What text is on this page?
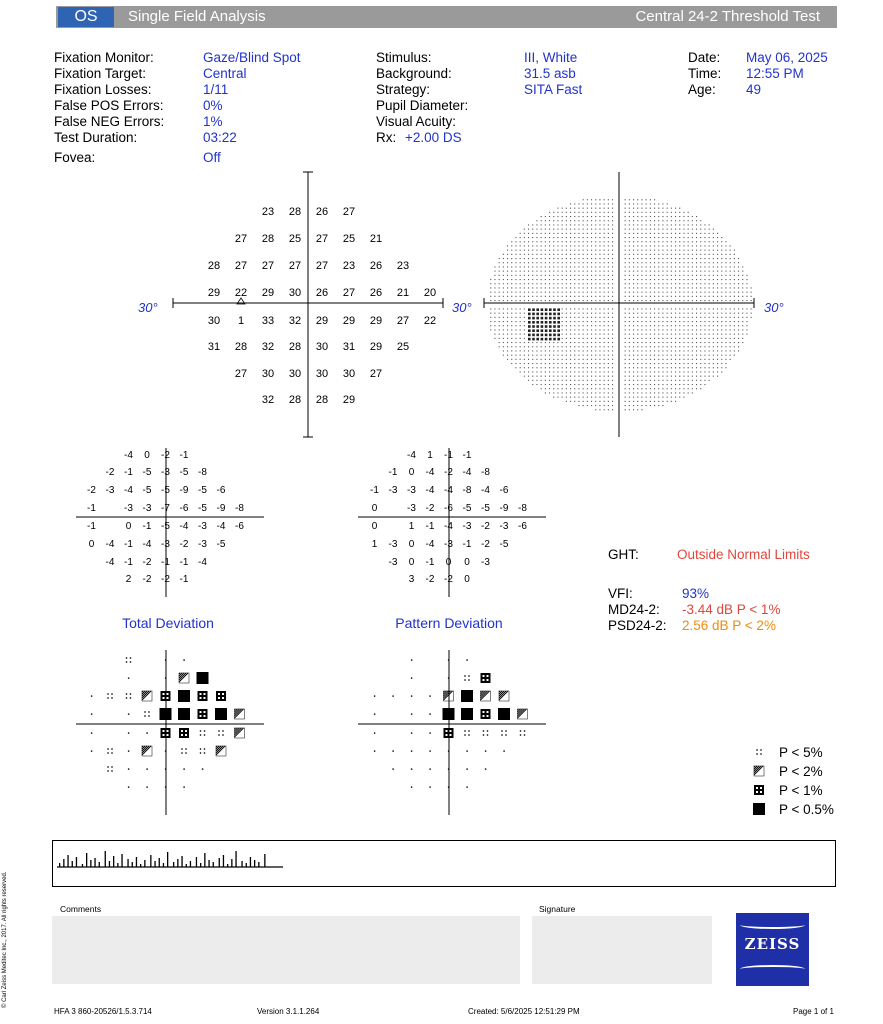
OS	Single Field Analysis	Central 24-2 Threshold Test
Fixation Monitor:	Gaze/Blind Spot
Fixation Target:	Central
Fixation Losses:	1/11
False POS Errors:	0%
False NEG Errors:	1%
Test Duration:	03:22
Fovea:	Off
Stimulus:	III, White
Background:	31.5 asb
Strategy:	SITA Fast
Pupil Diameter:
Visual Acuity:
Rx: +2.00 DS
Date: May 06, 2025
Time: 12:55 PM
Age: 49
30°	30°
23	28	26	27
27	28	25	27	25	21
28	27	27	27	27	23	26	23
29	22	29	30	26	27	26	21	20
30	1	33	32	29	29	29	27	22
31	28	32	28	30	31	29	25
27	30	30	30	30	27
32	28	28	29
30°
-4	0	-2 -1
-2 -1 -5 -3 -5 -8
-2 -3 -4 -5 -5 -9 -5 -6
-1	-3 -3 -7 -6 -5 -9 -8
-1	0	-1 -5 -4 -3 -4 -6
0	-4 -1 -4 -3 -2 -3 -5
-4 -1 -2 -1 -1 -4
2	-2 -2 -1
-4	1	-1 -1
-1	0	-4 -2 -4 -8
-1 -3 -3 -4 -4 -8 -4 -6
0	-3 -2 -6 -5 -5 -9 -8
0	1	-1 -4 -3 -2 -3 -6
1	-3	0	-4 -3 -1 -2 -5
-3	0	-1	0	0	-3
3	-2 -2	0
Total Deviation	Pattern Deviation
GHT:	Outside Normal Limits
VFI:	93%
MD24-2: -3.44 dB P < 1%
PSD24-2: 2.56 dB P < 2%
P < 5%
P < 2%
P < 1%
P < 0.5%
Comments	Signature
ZEISS
HFA 3 860-20526/1.5.3.714	Version 3.1.1.264	Created: 5/6/2025 12:51:29 PM	Page 1 of 1
© Carl Zeiss Meditec Inc., 2017. All rights reserved.
